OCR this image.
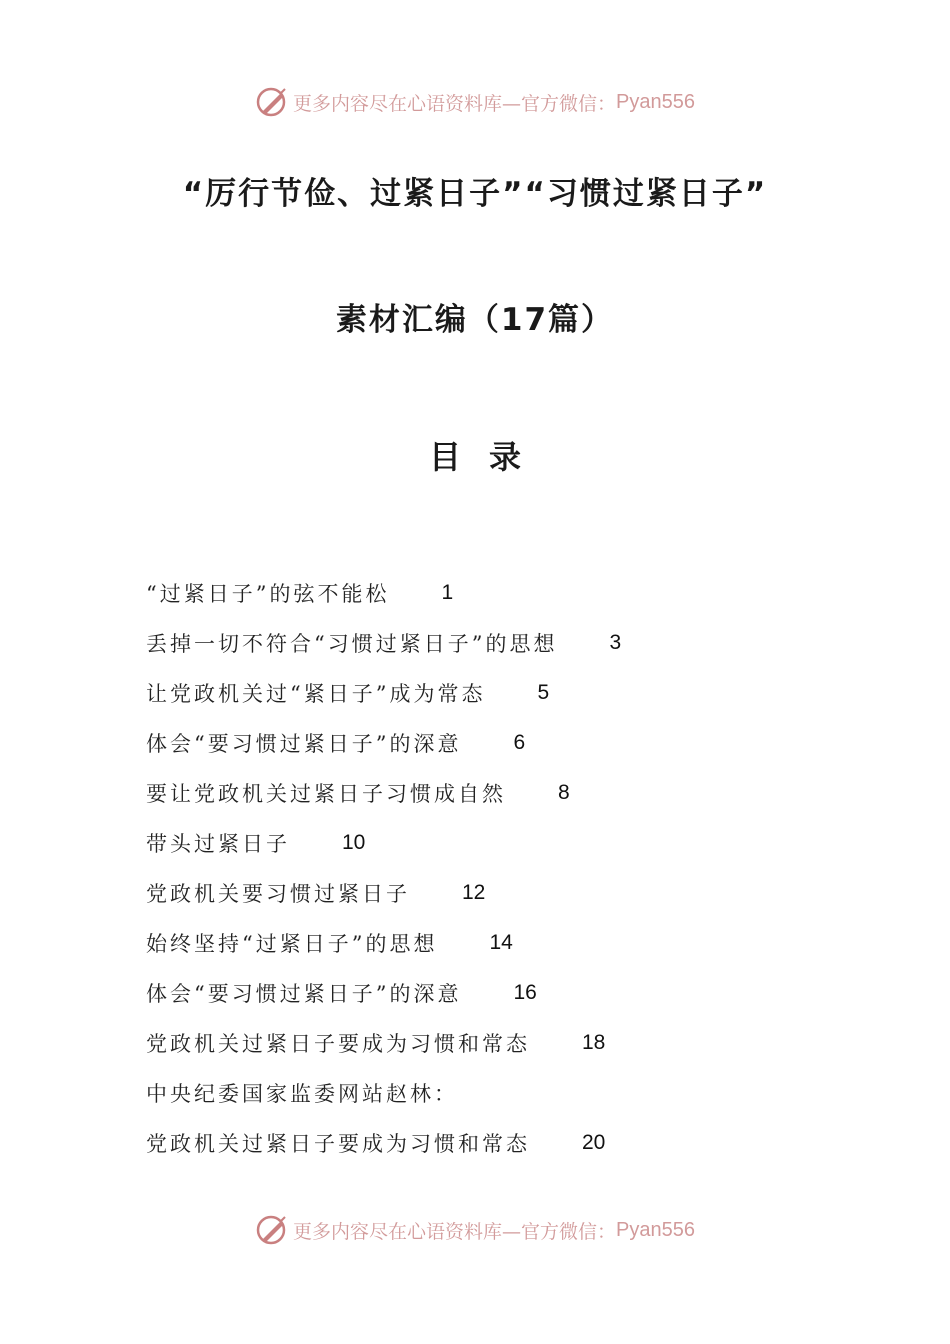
更多内容尽在心语资料库—官方微信： Pyan556
“厉行节俭、过紧日子”“习惯过紧日子”
素材汇编（17篇）
目录
“过紧日子”的弦不能松 1
丢掉一切不符合“习惯过紧日子”的思想 3
让党政机关过“紧日子”成为常态 5
体会“要习惯过紧日子”的深意 6
要让党政机关过紧日子习惯成自然 8
带头过紧日子 10
党政机关要习惯过紧日子 12
始终坚持“过紧日子”的思想 14
体会“要习惯过紧日子”的深意 16
党政机关过紧日子要成为习惯和常态 18
中央纪委国家监委网站赵林：
党政机关过紧日子要成为习惯和常态 20
更多内容尽在心语资料库—官方微信： Pyan556
